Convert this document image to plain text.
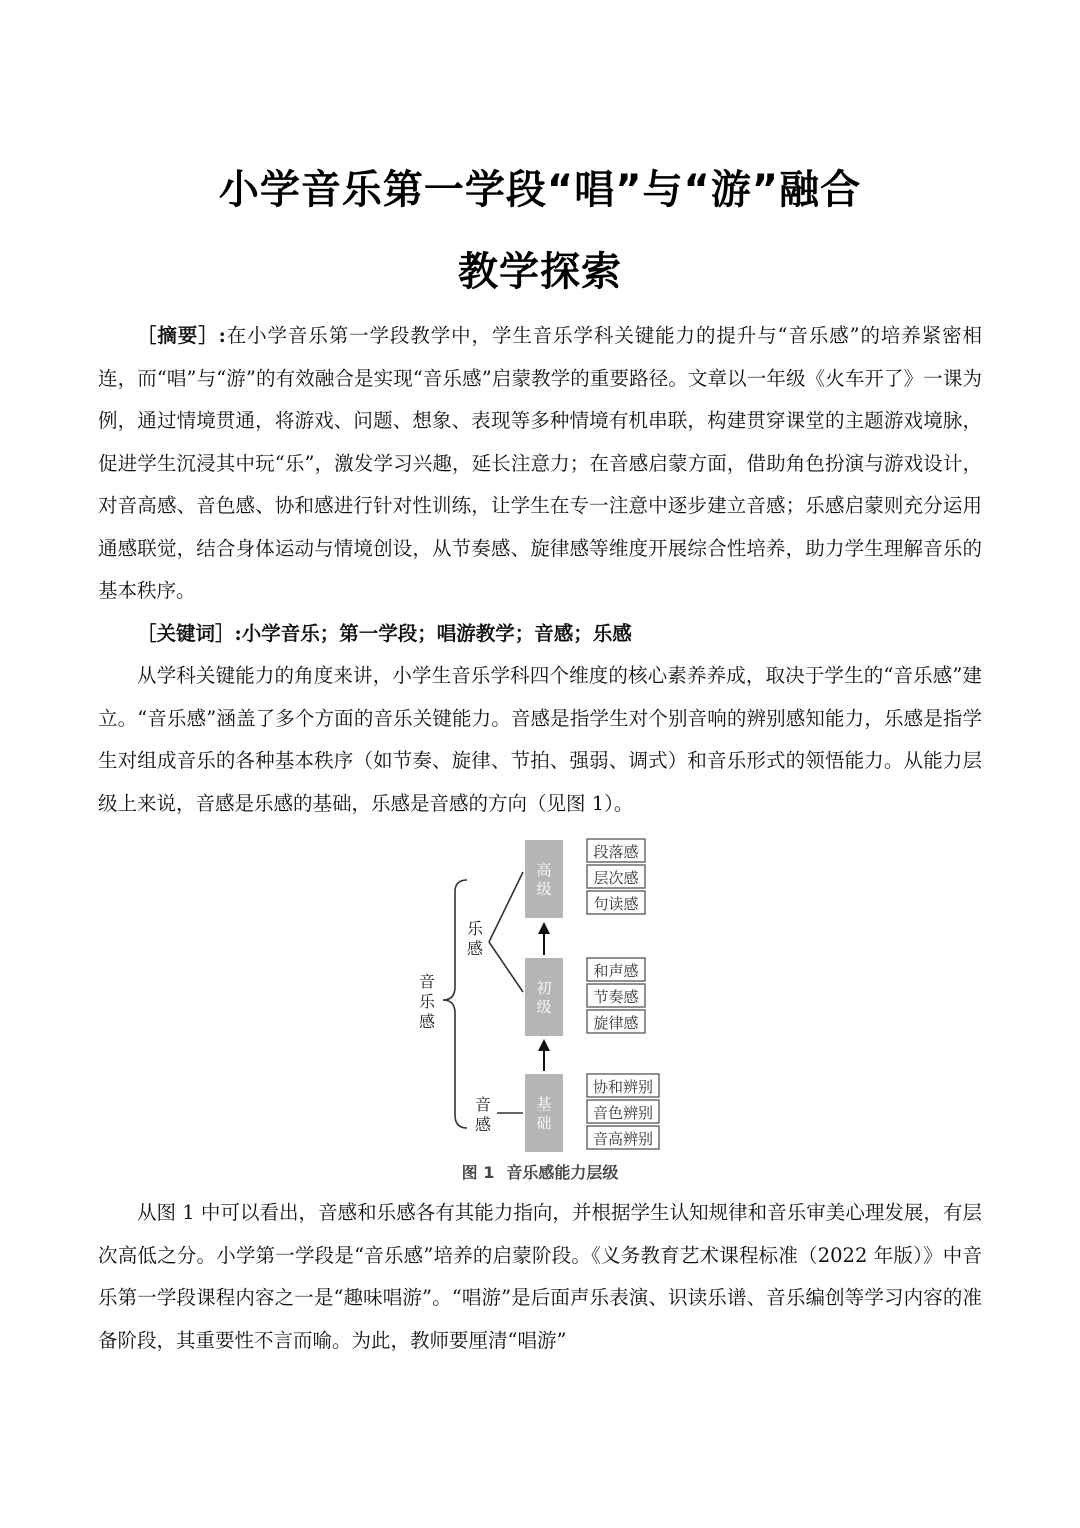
小学音乐第一学段“唱”与“游”融合
教学探索

［摘要］:在小学音乐第一学段教学中，学生音乐学科关键能力的提升与“音乐感”的培养紧密相连，而“唱”与“游”的有效融合是实现“音乐感”启蒙教学的重要路径。文章以一年级《火车开了》一课为例，通过情境贯通，将游戏、问题、想象、表现等多种情境有机串联，构建贯穿课堂的主题游戏境脉，促进学生沉浸其中玩“乐”，激发学习兴趣，延长注意力；在音感启蒙方面，借助角色扮演与游戏设计，对音高感、音色感、协和感进行针对性训练，让学生在专一注意中逐步建立音感；乐感启蒙则充分运用通感联觉，结合身体运动与情境创设，从节奏感、旋律感等维度开展综合性培养，助力学生理解音乐的基本秩序。

［关键词］:小学音乐；第一学段；唱游教学；音感；乐感

从学科关键能力的角度来讲，小学生音乐学科四个维度的核心素养养成，取决于学生的“音乐感”建立。“音乐感”涵盖了多个方面的音乐关键能力。音感是指学生对个别音响的辨别感知能力，乐感是指学生对组成音乐的各种基本秩序（如节奏、旋律、节拍、强弱、调式）和音乐形式的领悟能力。从能力层级上来说，音感是乐感的基础，乐感是音感的方向（见图 1）。

音
乐
感
乐
感
音
感
高
级
初
级
基
础
段落感
层次感
句读感
和声感
节奏感
旋律感
协和辨别
音色辨别
音高辨别
图 1 音乐感能力层级

从图 1 中可以看出，音感和乐感各有其能力指向，并根据学生认知规律和音乐审美心理发展，有层次高低之分。小学第一学段是“音乐感”培养的启蒙阶段。《义务教育艺术课程标准（2022 年版）》中音乐第一学段课程内容之一是“趣味唱游”。“唱游”是后面声乐表演、识读乐谱、音乐编创等学习内容的准备阶段，其重要性不言而喻。为此，教师要厘清“唱游”
